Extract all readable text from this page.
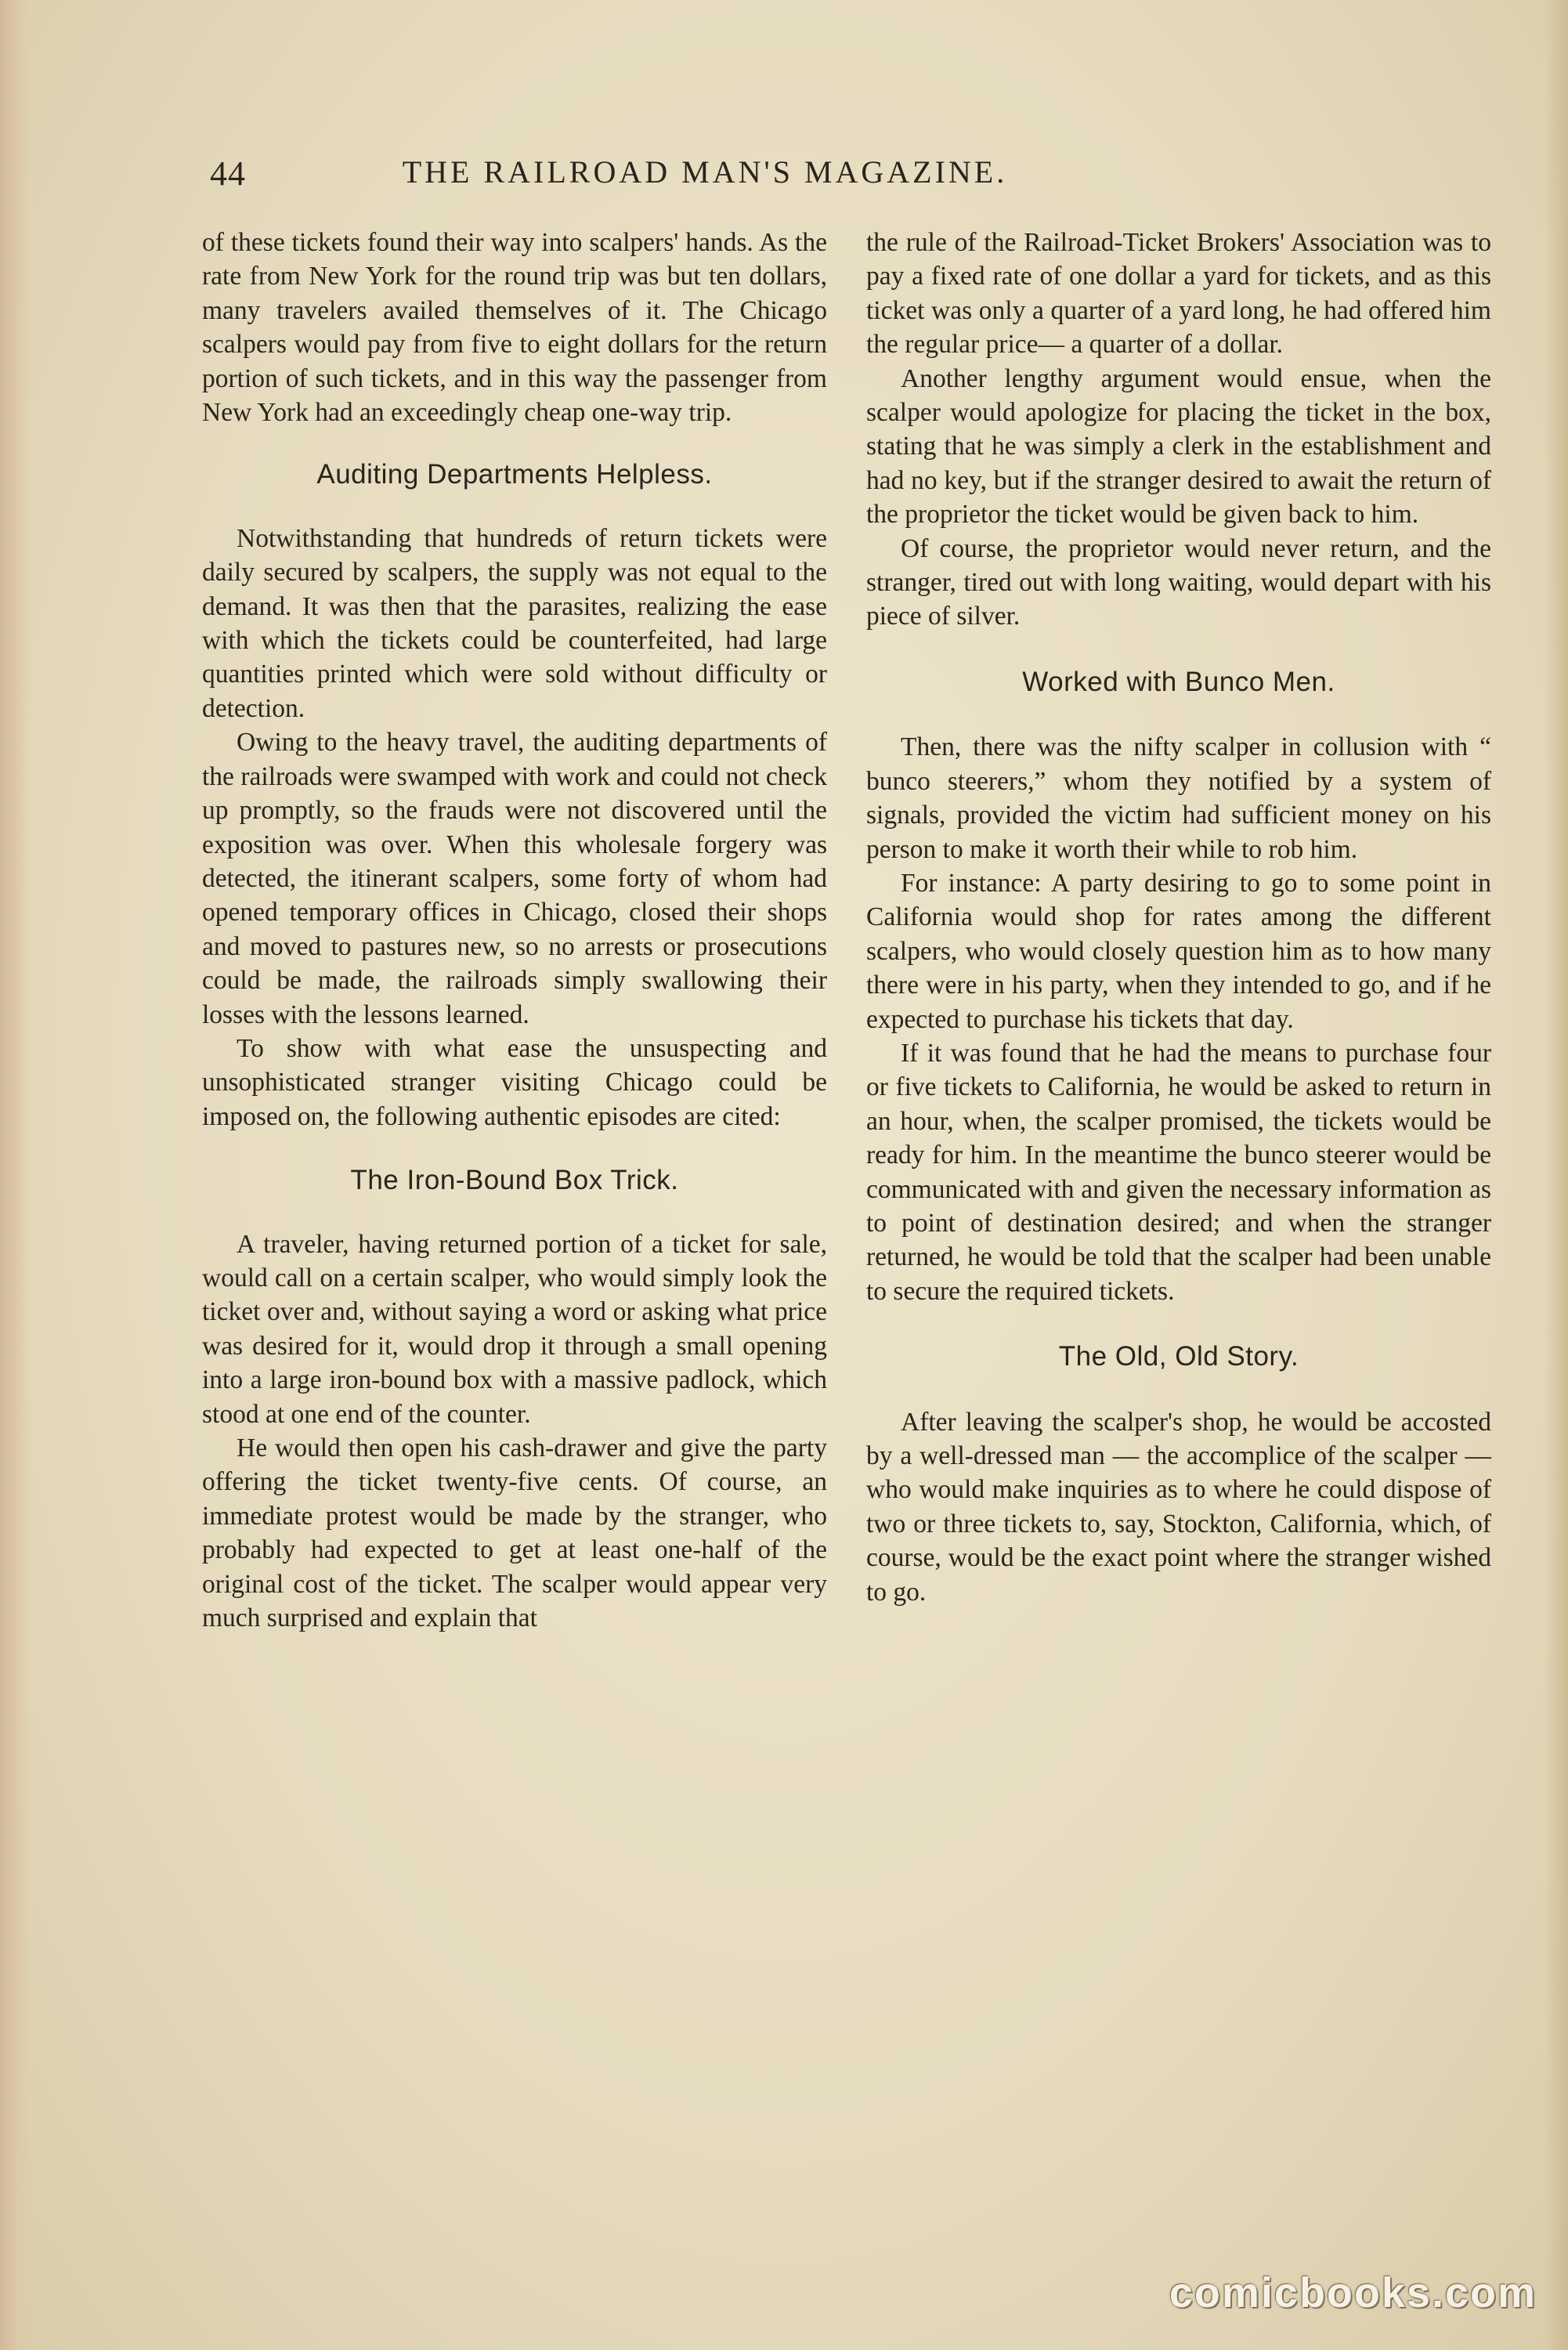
44	THE RAILROAD MAN'S MAGAZINE.

of these tickets found their way into scalpers' hands. As the rate from New York for the round trip was but ten dollars, many travelers availed themselves of it. The Chicago scalpers would pay from five to eight dollars for the return portion of such tickets, and in this way the passenger from New York had an exceedingly cheap one-way trip.

Auditing Departments Helpless.

Notwithstanding that hundreds of return tickets were daily secured by scalpers, the supply was not equal to the demand. It was then that the parasites, realizing the ease with which the tickets could be counterfeited, had large quantities printed which were sold without difficulty or detection.

Owing to the heavy travel, the auditing departments of the railroads were swamped with work and could not check up promptly, so the frauds were not discovered until the exposition was over. When this wholesale forgery was detected, the itinerant scalpers, some forty of whom had opened temporary offices in Chicago, closed their shops and moved to pastures new, so no arrests or prosecutions could be made, the railroads simply swallowing their losses with the lessons learned.

To show with what ease the unsuspecting and unsophisticated stranger visiting Chicago could be imposed on, the following authentic episodes are cited:

The Iron-Bound Box Trick.

A traveler, having returned portion of a ticket for sale, would call on a certain scalper, who would simply look the ticket over and, without saying a word or asking what price was desired for it, would drop it through a small opening into a large iron-bound box with a massive padlock, which stood at one end of the counter.

He would then open his cash-drawer and give the party offering the ticket twenty-five cents. Of course, an immediate protest would be made by the stranger, who probably had expected to get at least one-half of the original cost of the ticket. The scalper would appear very much surprised and explain that

the rule of the Railroad-Ticket Brokers' Association was to pay a fixed rate of one dollar a yard for tickets, and as this ticket was only a quarter of a yard long, he had offered him the regular price— a quarter of a dollar.

Another lengthy argument would ensue, when the scalper would apologize for placing the ticket in the box, stating that he was simply a clerk in the establishment and had no key, but if the stranger desired to await the return of the proprietor the ticket would be given back to him.

Of course, the proprietor would never return, and the stranger, tired out with long waiting, would depart with his piece of silver.

Worked with Bunco Men.

Then, there was the nifty scalper in collusion with “ bunco steerers,” whom they notified by a system of signals, provided the victim had sufficient money on his person to make it worth their while to rob him.

For instance: A party desiring to go to some point in California would shop for rates among the different scalpers, who would closely question him as to how many there were in his party, when they intended to go, and if he expected to purchase his tickets that day.

If it was found that he had the means to purchase four or five tickets to California, he would be asked to return in an hour, when, the scalper promised, the tickets would be ready for him. In the meantime the bunco steerer would be communicated with and given the necessary information as to point of destination desired; and when the stranger returned, he would be told that the scalper had been unable to secure the required tickets.

The Old, Old Story.

After leaving the scalper's shop, he would be accosted by a well-dressed man — the accomplice of the scalper — who would make inquiries as to where he could dispose of two or three tickets to, say, Stockton, California, which, of course, would be the exact point where the stranger wished to go.

comicbooks.com
